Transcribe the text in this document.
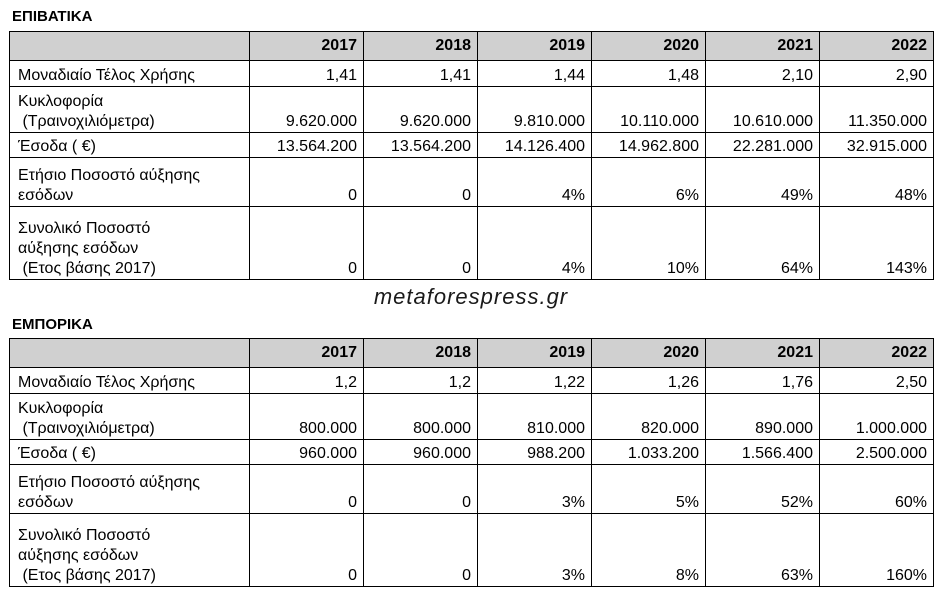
ΕΠΙΒΑΤΙΚΑ
	2017	2018	2019	2020	2021	2022

Μοναδιαίο Τέλος Χρήσης	1,41	1,41	1,44	1,48	2,10	2,90

Κυκλοφορία
(Τραινοχιλιόμετρα)	9.620.000	9.620.000	9.810.000	10.110.000	10.610.000	11.350.000

Έσοδα ( €)	13.564.200	13.564.200	14.126.400	14.962.800	22.281.000	32.915.000

Ετήσιο Ποσοστό αύξησης
εσόδων	0	0	4%	6%	49%	48%

Συνολικό Ποσοστό
αύξησης εσόδων
(Ετος βάσης 2017)	0	0	4%	10%	64%	143%
metaforespress.gr
ΕΜΠΟΡΙΚΑ
	2017	2018	2019	2020	2021	2022

Μοναδιαίο Τέλος Χρήσης	1,2	1,2	1,22	1,26	1,76	2,50

Κυκλοφορία
(Τραινοχιλιόμετρα)	800.000	800.000	810.000	820.000	890.000	1.000.000

Έσοδα ( €)	960.000	960.000	988.200	1.033.200	1.566.400	2.500.000

Ετήσιο Ποσοστό αύξησης
εσόδων	0	0	3%	5%	52%	60%

Συνολικό Ποσοστό
αύξησης εσόδων
(Ετος βάσης 2017)	0	0	3%	8%	63%	160%
